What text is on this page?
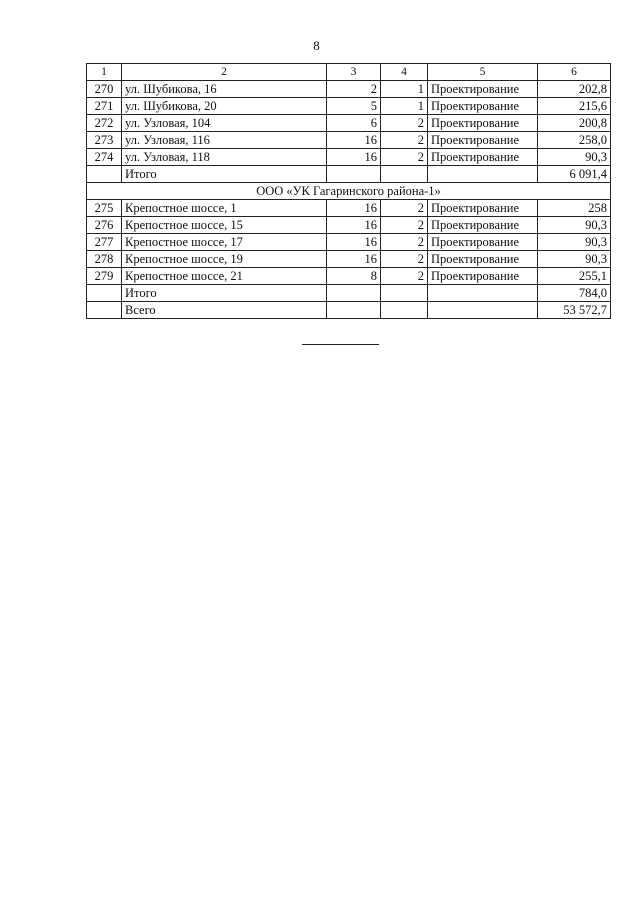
8
1	2	3	4	5	6
270	ул. Шубикова, 16	2	1	Проектирование	202,8
271	ул. Шубикова, 20	5	1	Проектирование	215,6
272	ул. Узловая, 104	6	2	Проектирование	200,8
273	ул. Узловая, 116	16	2	Проектирование	258,0
274	ул. Узловая, 118	16	2	Проектирование	90,3
	Итого				6 091,4
ООО «УК Гагаринского района-1»					
275	Крепостное шоссе, 1	16	2	Проектирование	258
276	Крепостное шоссе, 15	16	2	Проектирование	90,3
277	Крепостное шоссе, 17	16	2	Проектирование	90,3
278	Крепостное шоссе, 19	16	2	Проектирование	90,3
279	Крепостное шоссе, 21	8	2	Проектирование	255,1
	Итого				784,0
	Всего				53 572,7
